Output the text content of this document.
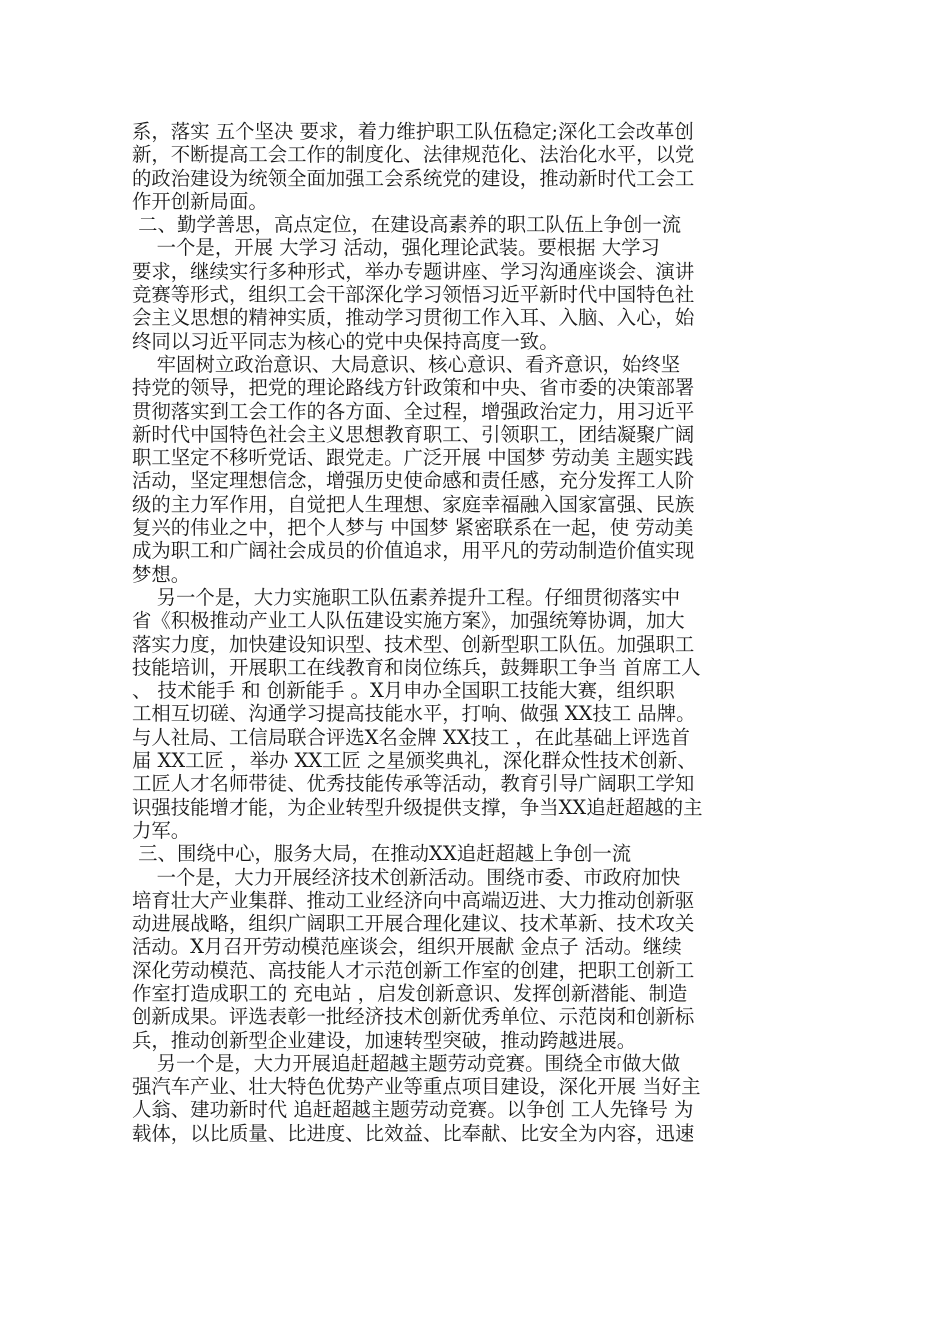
系，落实 五个坚决 要求，着力维护职工队伍稳定;深化工会改革创
新，不断提高工会工作的制度化、法律规范化、法治化水平，以党
的政治建设为统领全面加强工会系统党的建设，推动新时代工会工
作开创新局面。
二、勤学善思，高点定位，在建设高素养的职工队伍上争创一流
一个是，开展 大学习 活动，强化理论武装。要根据 大学习
要求，继续实行多种形式，举办专题讲座、学习沟通座谈会、演讲
竞赛等形式，组织工会干部深化学习领悟习近平新时代中国特色社
会主义思想的精神实质，推动学习贯彻工作入耳、入脑、入心，始
终同以习近平同志为核心的党中央保持高度一致。
牢固树立政治意识、大局意识、核心意识、看齐意识，始终坚
持党的领导，把党的理论路线方针政策和中央、省市委的决策部署
贯彻落实到工会工作的各方面、全过程，增强政治定力，用习近平
新时代中国特色社会主义思想教育职工、引领职工，团结凝聚广阔
职工坚定不移听党话、跟党走。广泛开展 中国梦 劳动美 主题实践
活动，坚定理想信念，增强历史使命感和责任感，充分发挥工人阶
级的主力军作用，自觉把人生理想、家庭幸福融入国家富强、民族
复兴的伟业之中，把个人梦与 中国梦 紧密联系在一起，使 劳动美
成为职工和广阔社会成员的价值追求，用平凡的劳动制造价值实现
梦想。
另一个是，大力实施职工队伍素养提升工程。仔细贯彻落实中
省《积极推动产业工人队伍建设实施方案》，加强统筹协调，加大
落实力度，加快建设知识型、技术型、创新型职工队伍。加强职工
技能培训，开展职工在线教育和岗位练兵，鼓舞职工争当 首席工人
、 技术能手 和 创新能手 。X月申办全国职工技能大赛，组织职
工相互切磋、沟通学习提高技能水平，打响、做强 XX技工 品牌。
与人社局、工信局联合评选X名金牌 XX技工 ，在此基础上评选首
届 XX工匠 ，举办 XX工匠 之星颁奖典礼，深化群众性技术创新、
工匠人才名师带徒、优秀技能传承等活动，教育引导广阔职工学知
识强技能增才能，为企业转型升级提供支撑，争当XX追赶超越的主
力军。
三、围绕中心，服务大局，在推动XX追赶超越上争创一流
一个是，大力开展经济技术创新活动。围绕市委、市政府加快
培育壮大产业集群、推动工业经济向中高端迈进、大力推动创新驱
动进展战略，组织广阔职工开展合理化建议、技术革新、技术攻关
活动。X月召开劳动模范座谈会，组织开展献 金点子 活动。继续
深化劳动模范、高技能人才示范创新工作室的创建，把职工创新工
作室打造成职工的 充电站 ，启发创新意识、发挥创新潜能、制造
创新成果。评选表彰一批经济技术创新优秀单位、示范岗和创新标
兵，推动创新型企业建设，加速转型突破，推动跨越进展。
另一个是，大力开展追赶超越主题劳动竞赛。围绕全市做大做
强汽车产业、壮大特色优势产业等重点项目建设，深化开展 当好主
人翁、建功新时代 追赶超越主题劳动竞赛。以争创 工人先锋号 为
载体，以比质量、比进度、比效益、比奉献、比安全为内容，迅速
